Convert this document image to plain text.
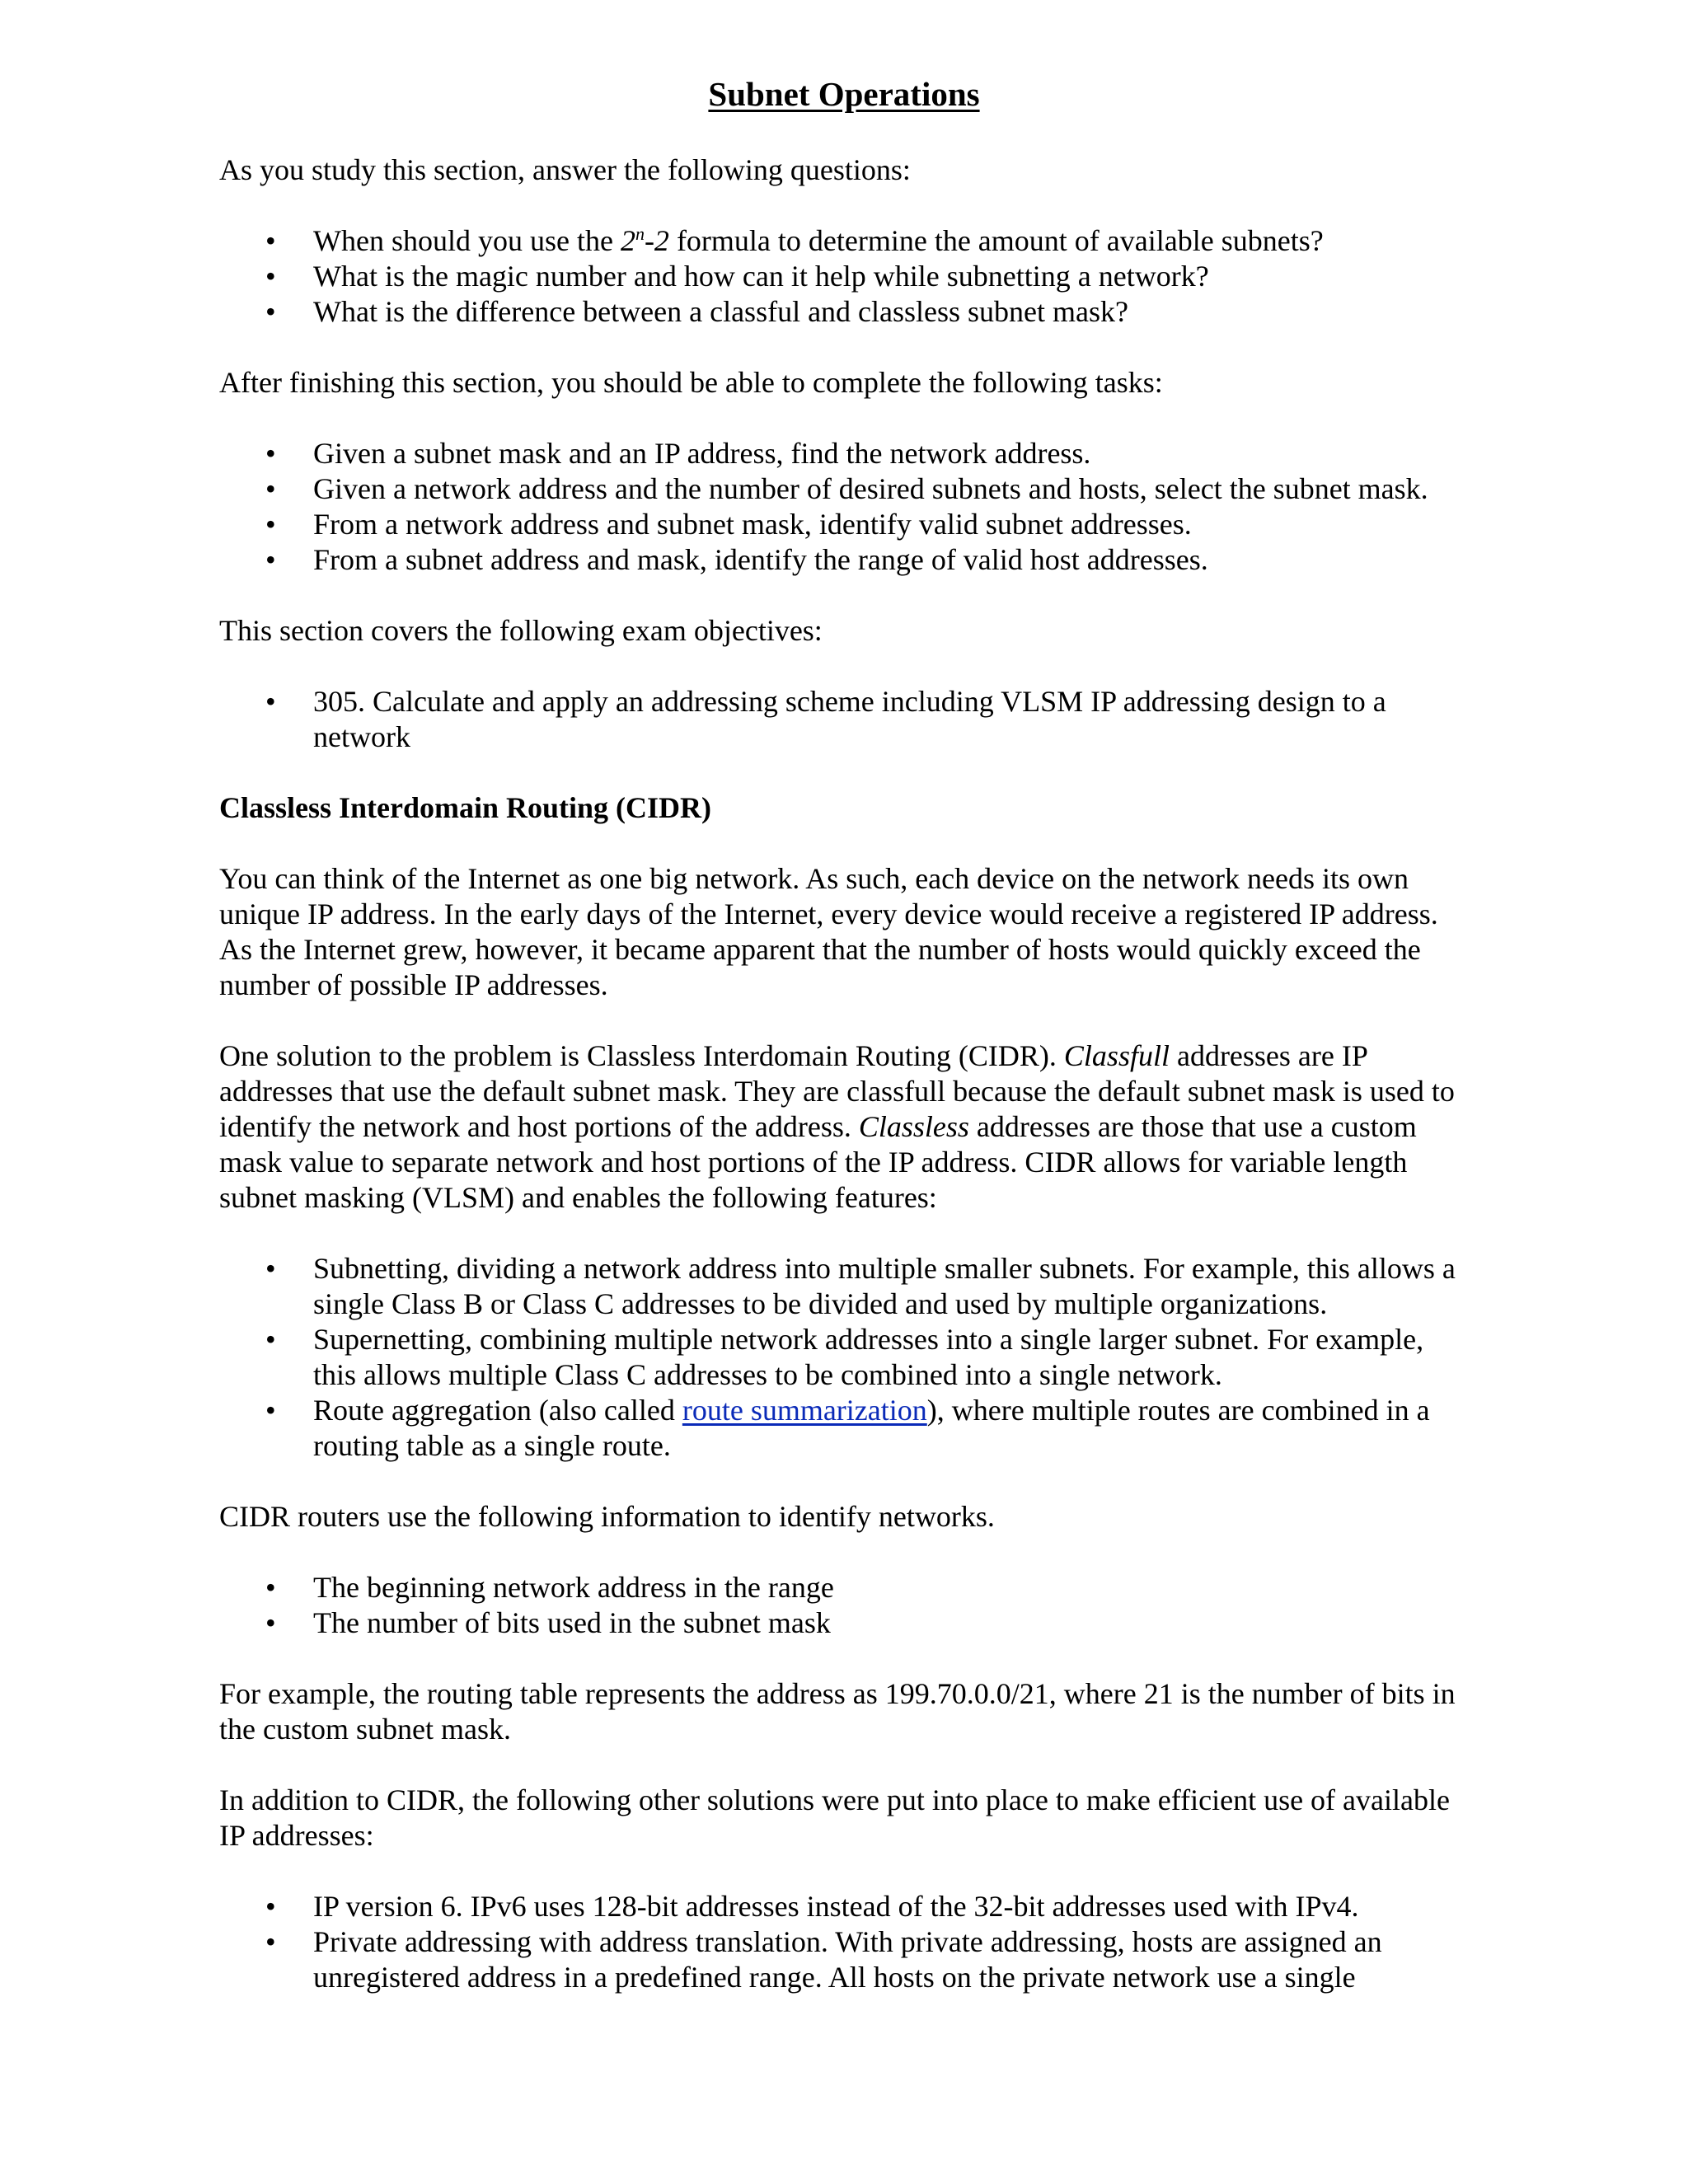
Subnet Operations

As you study this section, answer the following questions:

• When should you use the 2$^n$-2 formula to determine the amount of available subnets?
• What is the magic number and how can it help while subnetting a network?
• What is the difference between a classful and classless subnet mask?

After finishing this section, you should be able to complete the following tasks:

• Given a subnet mask and an IP address, find the network address.
• Given a network address and the number of desired subnets and hosts, select the subnet mask.
• From a network address and subnet mask, identify valid subnet addresses.
• From a subnet address and mask, identify the range of valid host addresses.

This section covers the following exam objectives:

• 305. Calculate and apply an addressing scheme including VLSM IP addressing design to a network
Classless Interdomain Routing (CIDR)

You can think of the Internet as one big network. As such, each device on the network needs its own unique IP address. In the early days of the Internet, every device would receive a registered IP address. As the Internet grew, however, it became apparent that the number of hosts would quickly exceed the number of possible IP addresses.

One solution to the problem is Classless Interdomain Routing (CIDR). Classfull addresses are IP addresses that use the default subnet mask. They are classfull because the default subnet mask is used to identify the network and host portions of the address. Classless addresses are those that use a custom mask value to separate network and host portions of the IP address. CIDR allows for variable length subnet masking (VLSM) and enables the following features:

• Subnetting, dividing a network address into multiple smaller subnets. For example, this allows a single Class B or Class C addresses to be divided and used by multiple organizations.
• Supernetting, combining multiple network addresses into a single larger subnet. For example, this allows multiple Class C addresses to be combined into a single network.
• Route aggregation (also called route summarization), where multiple routes are combined in a routing table as a single route.

CIDR routers use the following information to identify networks.

• The beginning network address in the range
• The number of bits used in the subnet mask

For example, the routing table represents the address as 199.70.0.0/21, where 21 is the number of bits in the custom subnet mask.

In addition to CIDR, the following other solutions were put into place to make efficient use of available IP addresses:

• IP version 6. IPv6 uses 128-bit addresses instead of the 32-bit addresses used with IPv4.
• Private addressing with address translation. With private addressing, hosts are assigned an unregistered address in a predefined range. All hosts on the private network use a single
